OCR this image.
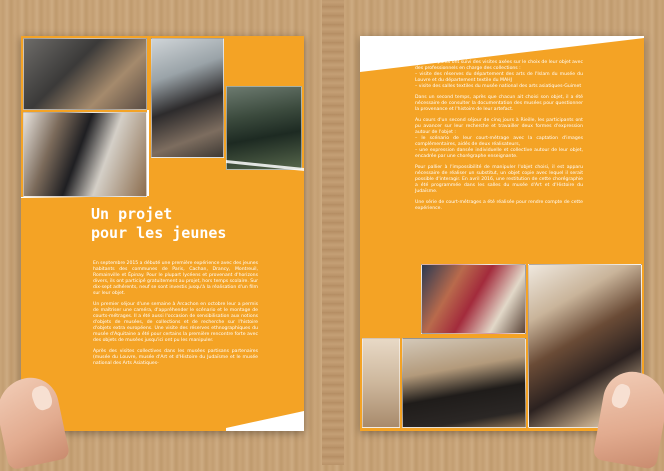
Un projet
pour les jeunes

En septembre 2015 a débuté une première expérience avec des jeunes habitants des communes de Paris, Cachan, Drancy, Montreuil, Romainville et Épinay. Pour le plupart lycéens et provenant d'horizons divers, ils ont participé gratuitement au projet, hors temps scolaire. Sur dix-sept adhérents, neuf se sont investis jusqu'à la réalisation d'un film sur leur objet.

Un premier séjour d'une semaine à Arcachon en octobre leur a permis de maîtriser une caméra, d'appréhender le scénario et le montage de courts-métrages. Il a été aussi l'occasion de sensibilisation aux notions d'objets de musées, de collections et de recherche sur l'histoire d'objets extra européens. Une visite des réserves ethnographiques du musée d'Aquitaine a été pour certains la première rencontre forte avec des objets de musées jusqu'ici ont pu les manipuler.

Après des visites collectives dans les musées partisans partenaires (musée du Louvre, musée d'Art et d'Histoire du Judaïsme et le musée national des Arts Asiatiques-

les participants ont suivi des visites axées sur le choix de leur objet avec des professionnels en charge des collections :

– visite des réserves du département des arts de l'Islam du musée du Louvre et du département textile du MAHJ

– visite des salles textiles du musée national des arts asiatiques-Guimet

Dans un second temps, après que chacun ait choisi son objet, il a été nécessaire de consulter la documentation des musées pour questionner la provenance et l'histoire de leur artefact.

Au cours d'un second séjour de cinq jours à Rieille, les participants ont pu avancer sur leur recherche et travailler deux formes d'expression autour de l'objet :

– le scénario de leur court-métrage avec la captation d'images complémentaires, aidés de deux réalisateurs,

– une expression dansée individuelle et collective autour de leur objet, encadrée par une chorégraphe enseignante.

Pour pallier à l'impossibilité de manipuler l'objet choisi, il est apparu nécessaire de réaliser un substitut, un objet copie avec lequel il serait possible d'interagir. En avril 2016, une restitution de cette chorégraphie a été programmée dans les salles du musée d'Art et d'Histoire du Judaïsme.

Une série de court-métrages a été réalisée pour rendre compte de cette expérience.
